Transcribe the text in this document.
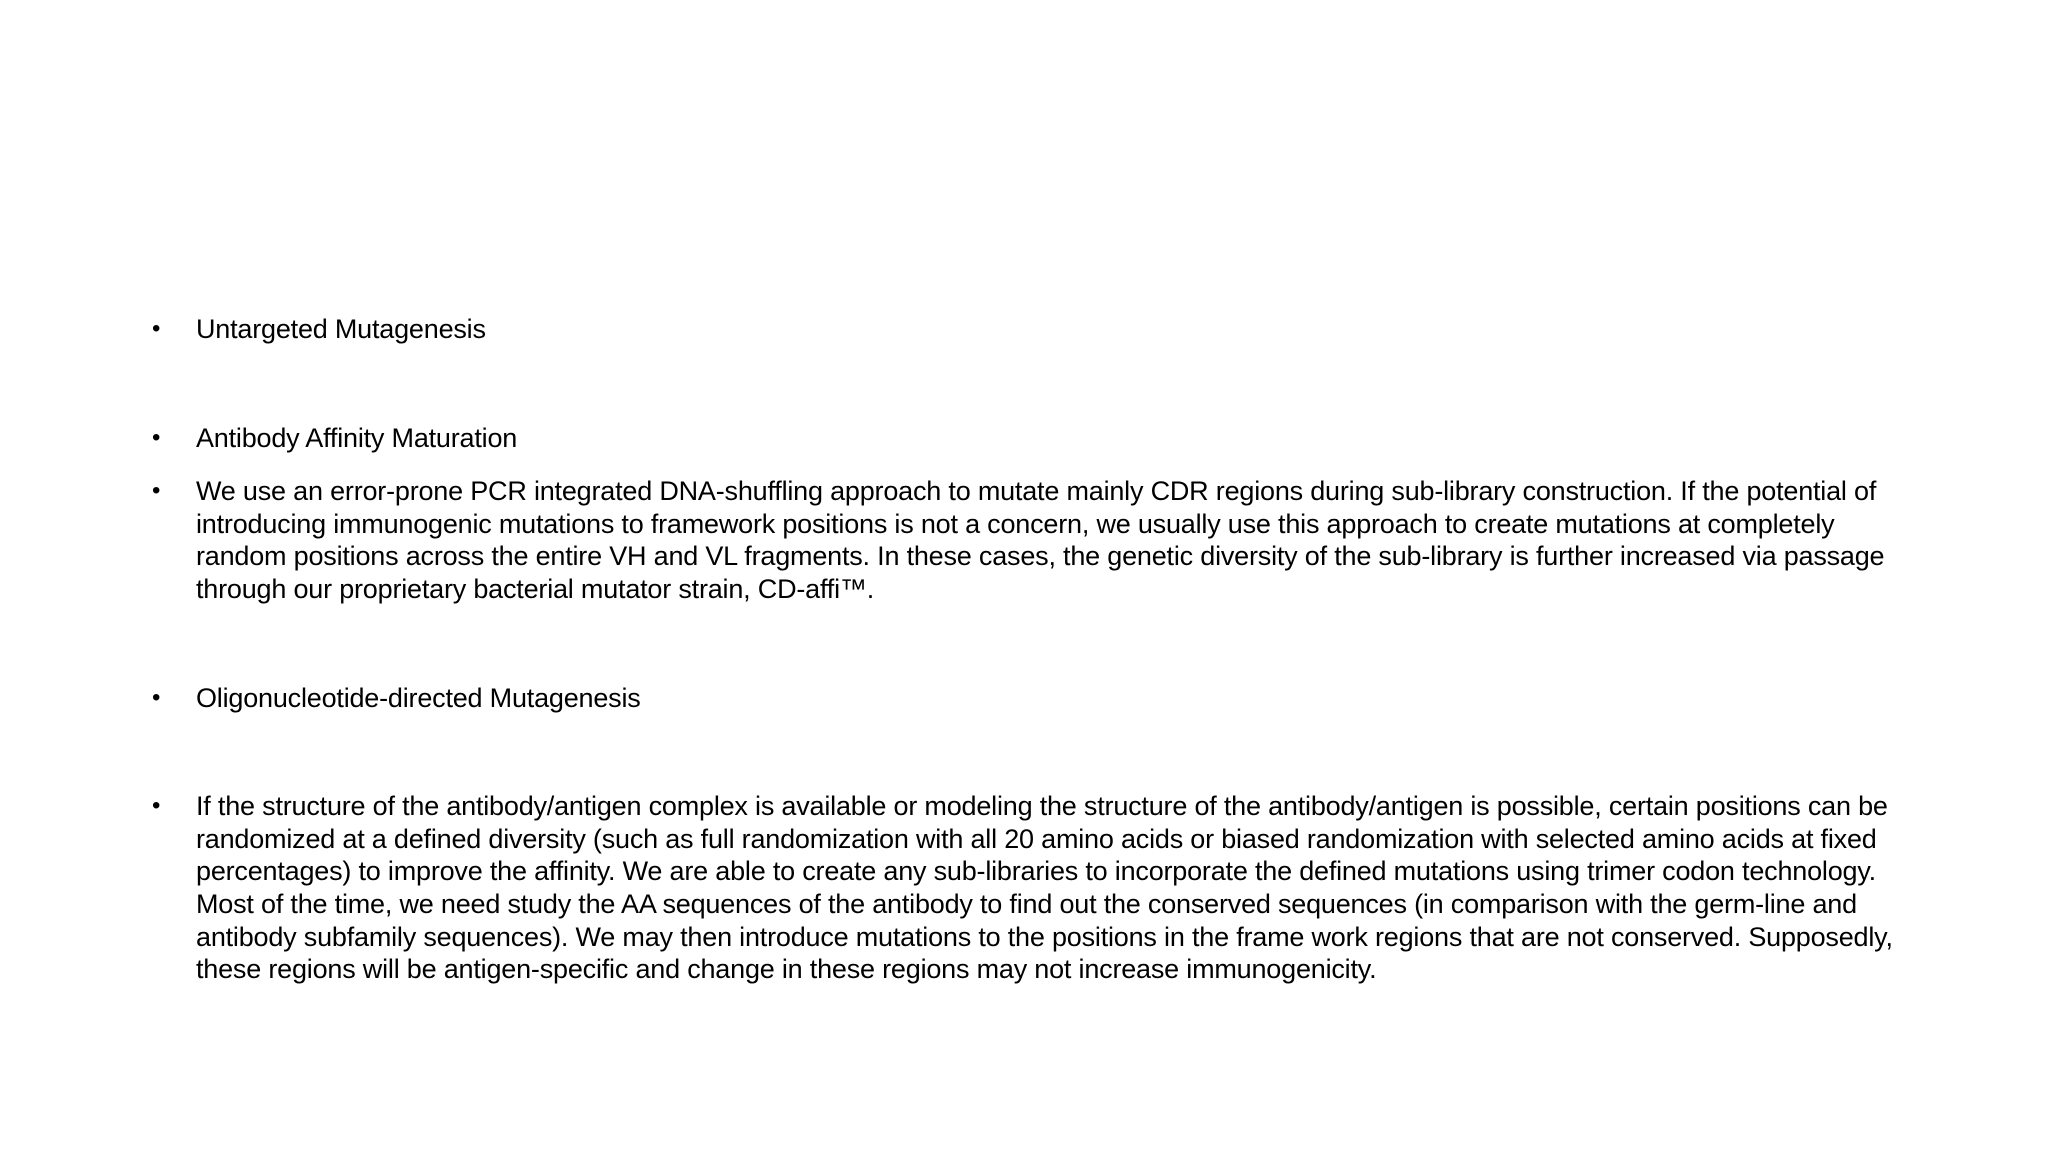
•	Untargeted Mutagenesis
•	Antibody Affinity Maturation
•	We use an error-prone PCR integrated DNA-shuffling approach to mutate mainly CDR regions during sub-library construction. If the potential of introducing immunogenic mutations to framework positions is not a concern, we usually use this approach to create mutations at completely random positions across the entire VH and VL fragments. In these cases, the genetic diversity of the sub-library is further increased via passage through our proprietary bacterial mutator strain, CD-affi™.
•	Oligonucleotide-directed Mutagenesis
•	If the structure of the antibody/antigen complex is available or modeling the structure of the antibody/antigen is possible, certain positions can be randomized at a defined diversity (such as full randomization with all 20 amino acids or biased randomization with selected amino acids at fixed percentages) to improve the affinity. We are able to create any sub-libraries to incorporate the defined mutations using trimer codon technology. Most of the time, we need study the AA sequences of the antibody to find out the conserved sequences (in comparison with the germ-line and antibody subfamily sequences). We may then introduce mutations to the positions in the frame work regions that are not conserved. Supposedly, these regions will be antigen-specific and change in these regions may not increase immunogenicity.
